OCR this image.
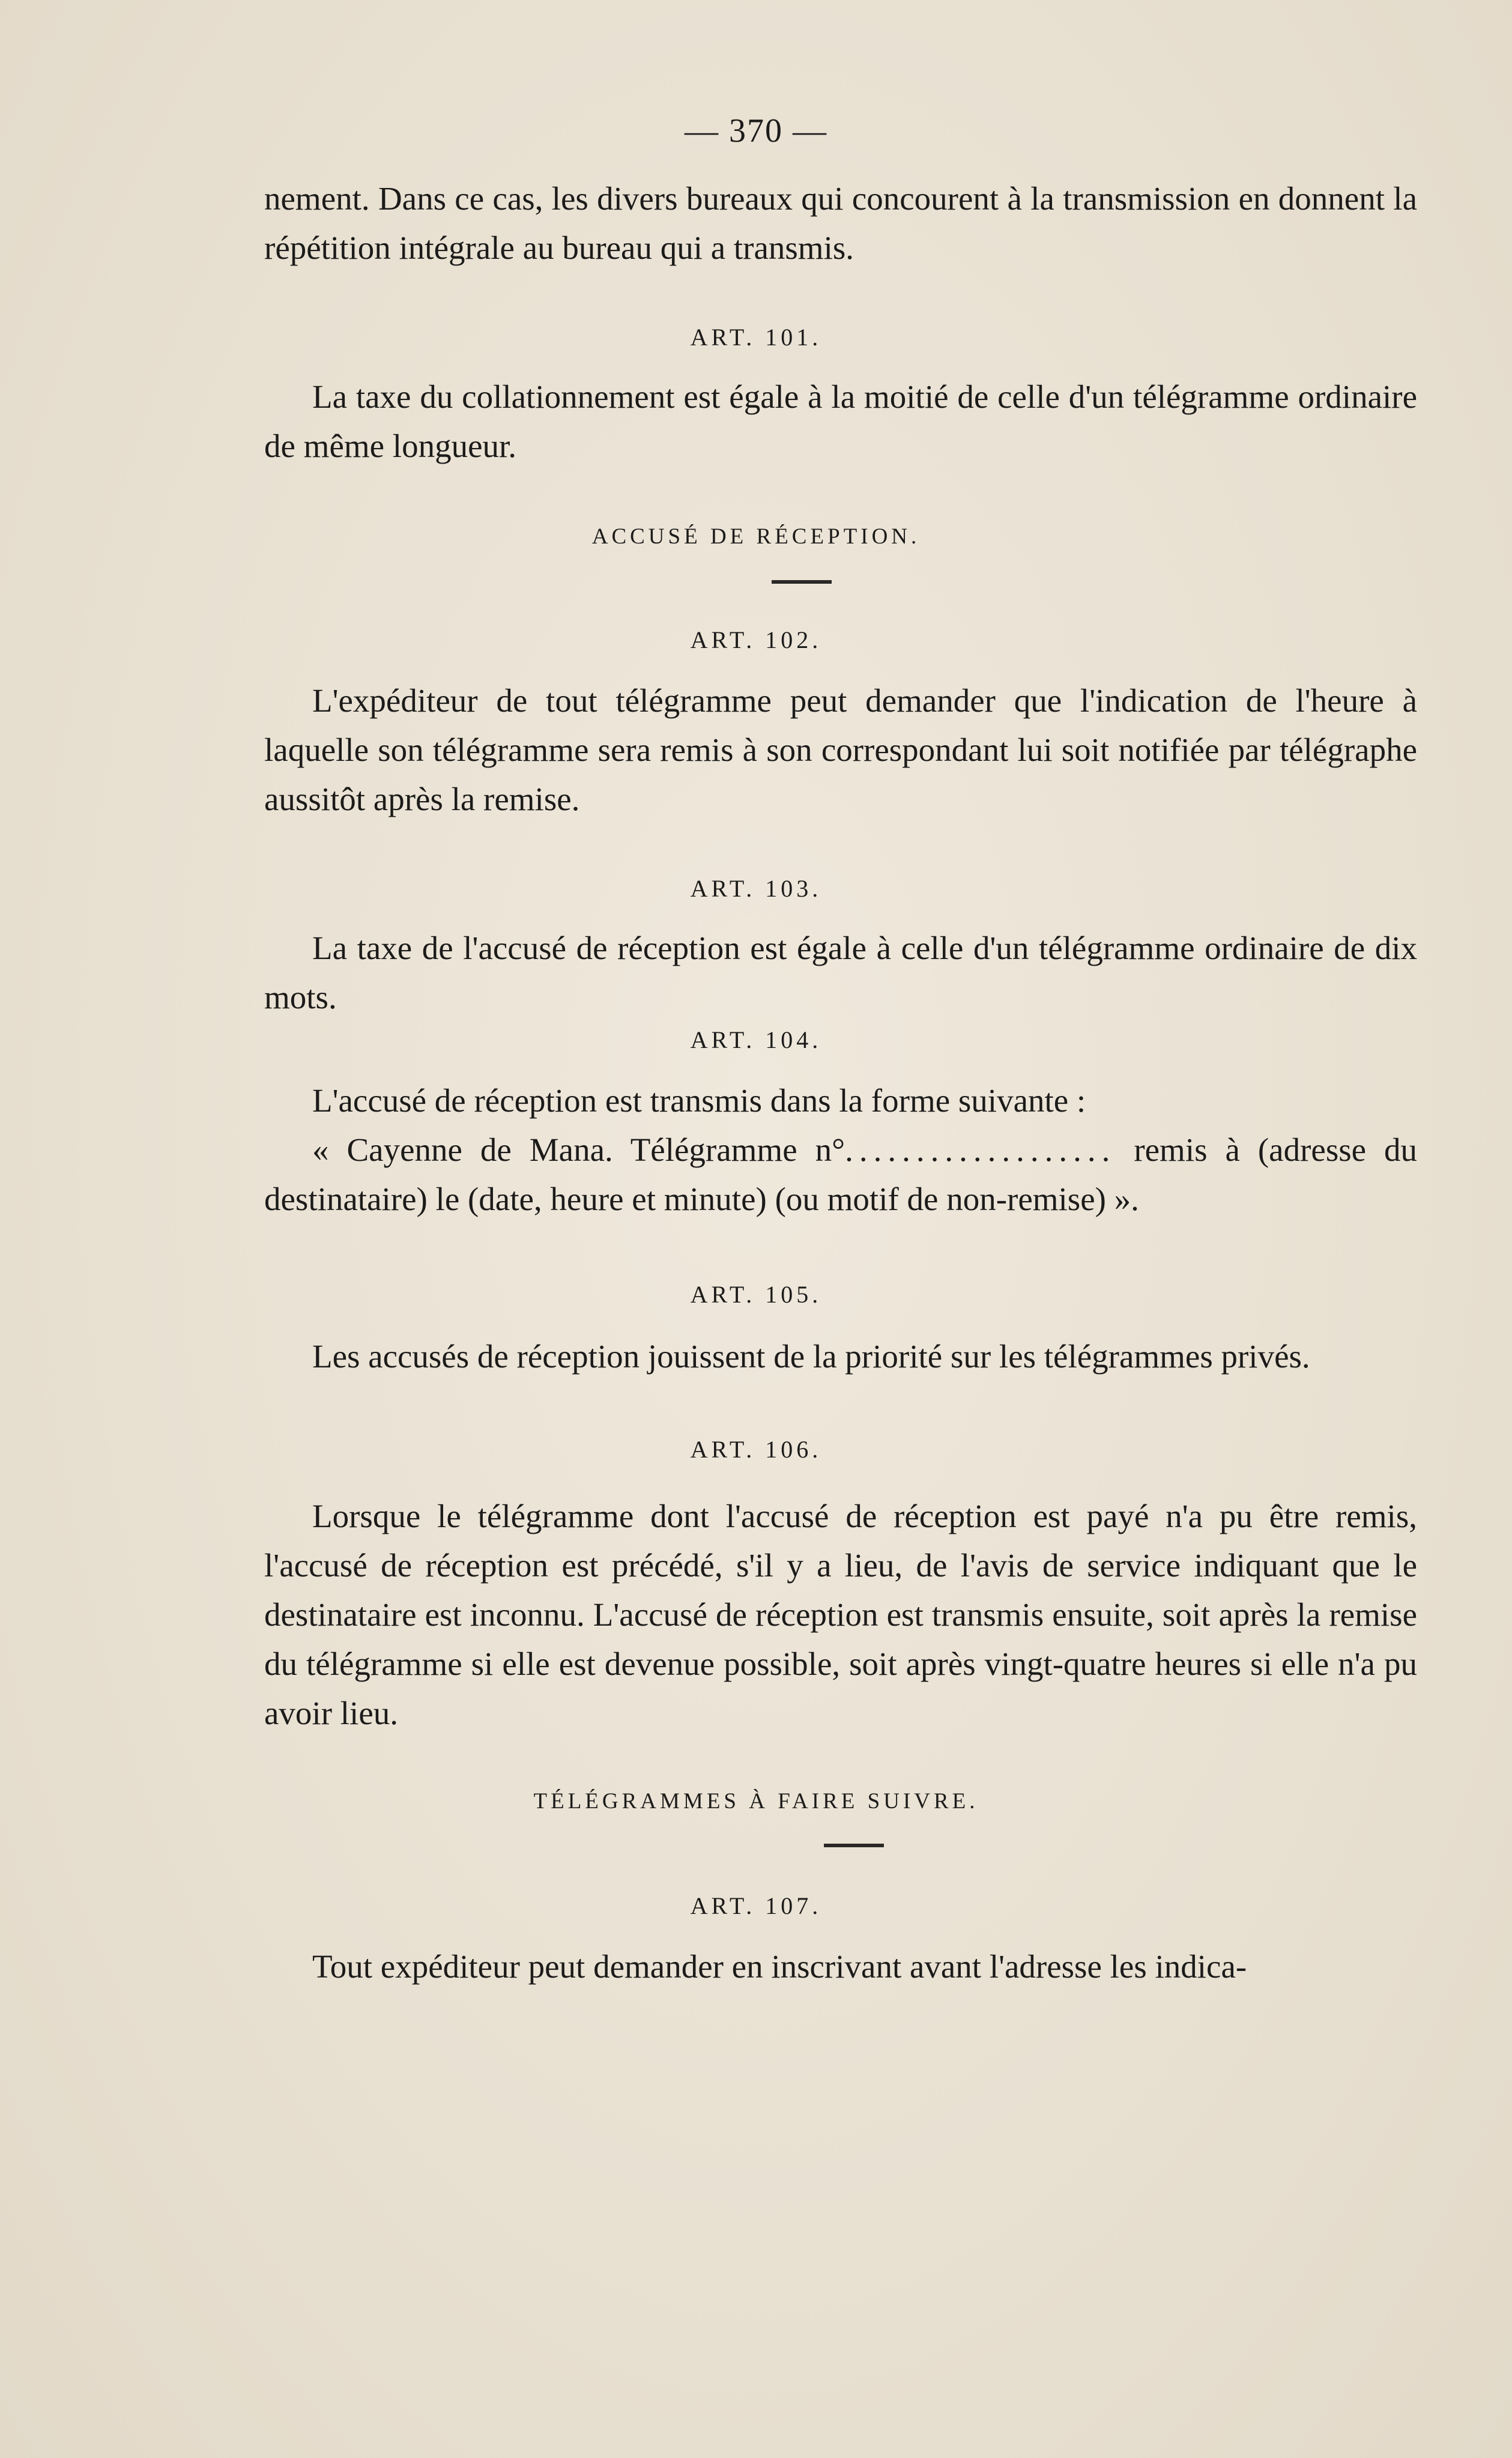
— 370 —

nement. Dans ce cas, les divers bureaux qui concourent à la transmission en donnent la répétition intégrale au bureau qui a transmis.

ART. 101.

La taxe du collationnement est égale à la moitié de celle d'un télégramme ordinaire de même longueur.

ACCUSÉ DE RÉCEPTION.
ART. 102.

L'expéditeur de tout télégramme peut demander que l'indication de l'heure à laquelle son télégramme sera remis à son correspondant lui soit notifiée par télégraphe aussitôt après la remise.

ART. 103.

La taxe de l'accusé de réception est égale à celle d'un télégramme ordinaire de dix mots.

ART. 104.

L'accusé de réception est transmis dans la forme suivante :

« Cayenne de Mana. Télégramme n°................... remis à (adresse du destinataire) le (date, heure et minute) (ou motif de non-remise) ».

ART. 105.

Les accusés de réception jouissent de la priorité sur les télégrammes privés.

ART. 106.

Lorsque le télégramme dont l'accusé de réception est payé n'a pu être remis, l'accusé de réception est précédé, s'il y a lieu, de l'avis de service indiquant que le destinataire est inconnu. L'accusé de réception est transmis ensuite, soit après la remise du télégramme si elle est devenue possible, soit après vingt-quatre heures si elle n'a pu avoir lieu.

TÉLÉGRAMMES À FAIRE SUIVRE.
ART. 107.

Tout expéditeur peut demander en inscrivant avant l'adresse les indica-
